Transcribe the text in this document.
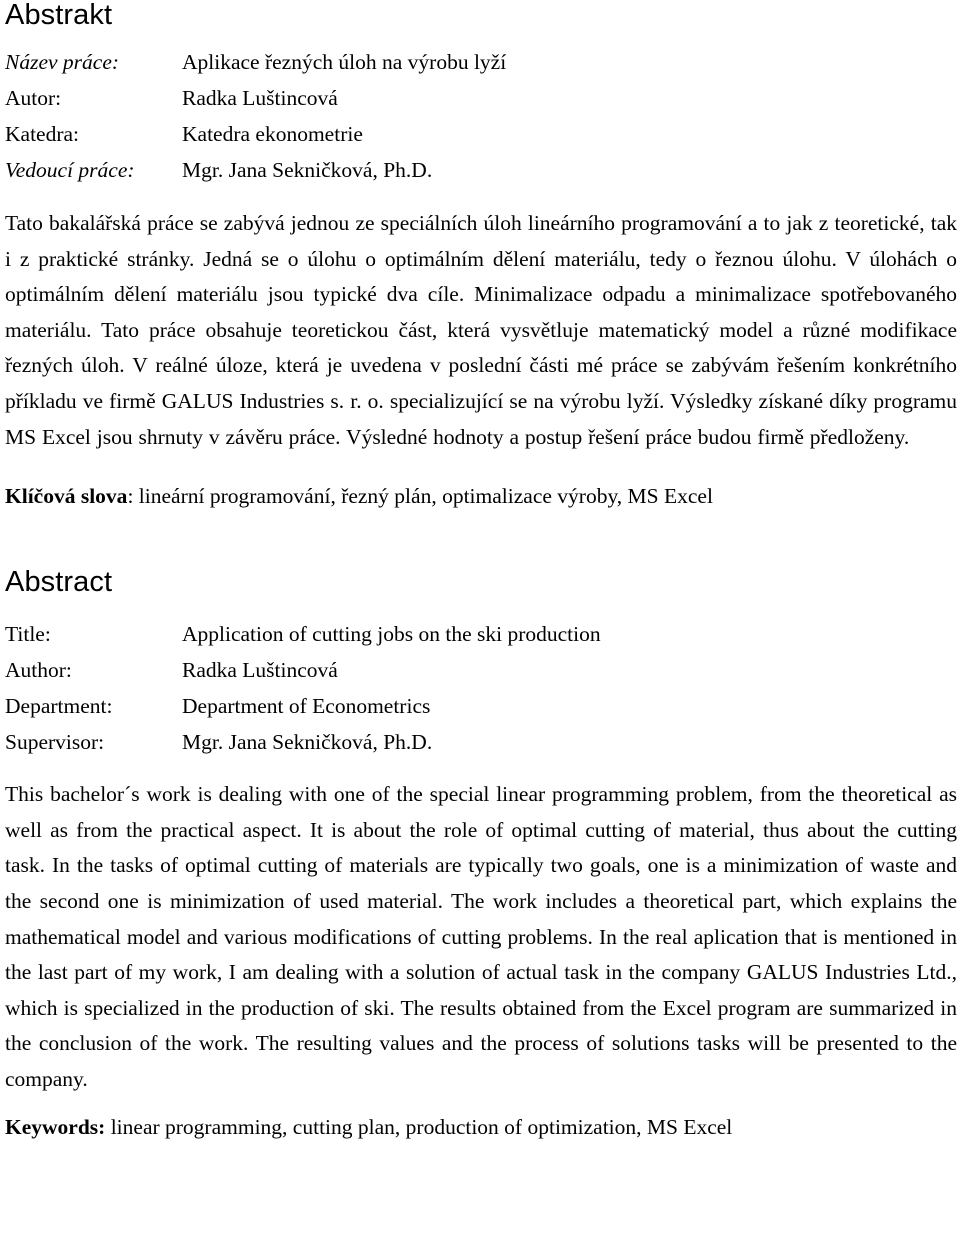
Abstrakt
Název práce:	Aplikace řezných úloh na výrobu lyží
Autor:	Radka Luštincová
Katedra:	Katedra ekonometrie
Vedoucí práce:	Mgr. Jana Sekničková, Ph.D.

Tato bakalářská práce se zabývá jednou ze speciálních úloh lineárního programování a to jak z teoretické, tak i z praktické stránky. Jedná se o úlohu o optimálním dělení materiálu, tedy o řeznou úlohu. V úlohách o optimálním dělení materiálu jsou typické dva cíle. Minimalizace odpadu a minimalizace spotřebovaného materiálu. Tato práce obsahuje teoretickou část, která vysvětluje matematický model a různé modifikace řezných úloh. V reálné úloze, která je uvedena v poslední části mé práce se zabývám řešením konkrétního příkladu ve firmě GALUS Industries s. r. o. specializující se na výrobu lyží. Výsledky získané díky programu MS Excel jsou shrnuty v závěru práce. Výsledné hodnoty a postup řešení práce budou firmě předloženy.

Klíčová slova: lineární programování, řezný plán, optimalizace výroby, MS Excel

Abstract
Title:	Application of cutting jobs on the ski production
Author:	Radka Luštincová
Department:	Department of Econometrics
Supervisor:	Mgr. Jana Sekničková, Ph.D.

This bachelor´s work is dealing with one of the special linear programming problem, from the theoretical as well as from the practical aspect. It is about the role of optimal cutting of material, thus about the cutting task. In the tasks of optimal cutting of materials are typically two goals, one is a minimization of waste and the second one is minimization of used material. The work includes a theoretical part, which explains the mathematical model and various modifications of cutting problems. In the real aplication that is mentioned in the last part of my work, I am dealing with a solution of actual task in the company GALUS Industries Ltd., which is specialized in the production of ski. The results obtained from the Excel program are summarized in the conclusion of the work. The resulting values and the process of solutions tasks will be presented to the company.

Keywords: linear programming, cutting plan, production of optimization, MS Excel
